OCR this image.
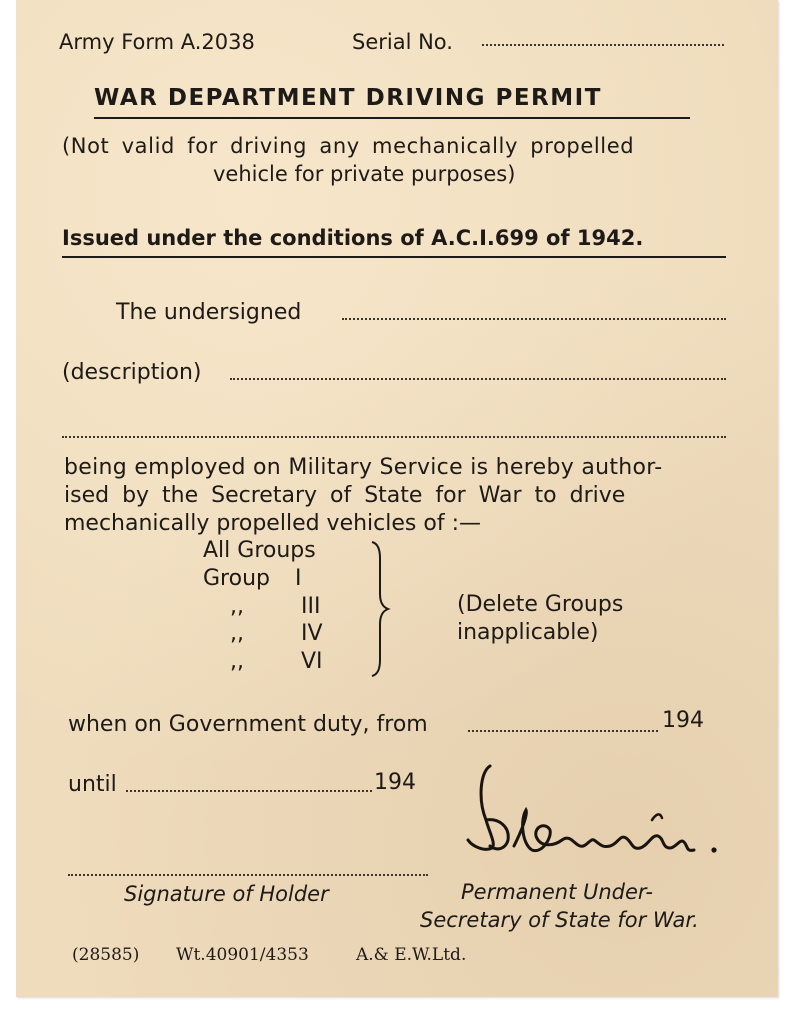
Army Form A.2038	Serial No.
WAR DEPARTMENT DRIVING PERMIT
(Not valid for driving any mechanically propelled
vehicle for private purposes)
Issued under the conditions of A.C.I.699 of 1942.
The undersigned
(description)
being employed on Military Service is hereby author-
ised by the Secretary of State for War to drive
mechanically propelled vehicles of :—
All Groups
Group I
,,	III
,,	IV
,,	VI
(Delete Groups
inapplicable)
when on Government duty, from	194
until	194
Signature of Holder	Permanent Under-
Secretary of State for War.
(28585) Wt.40901/4353	A.& E.W.Ltd.
